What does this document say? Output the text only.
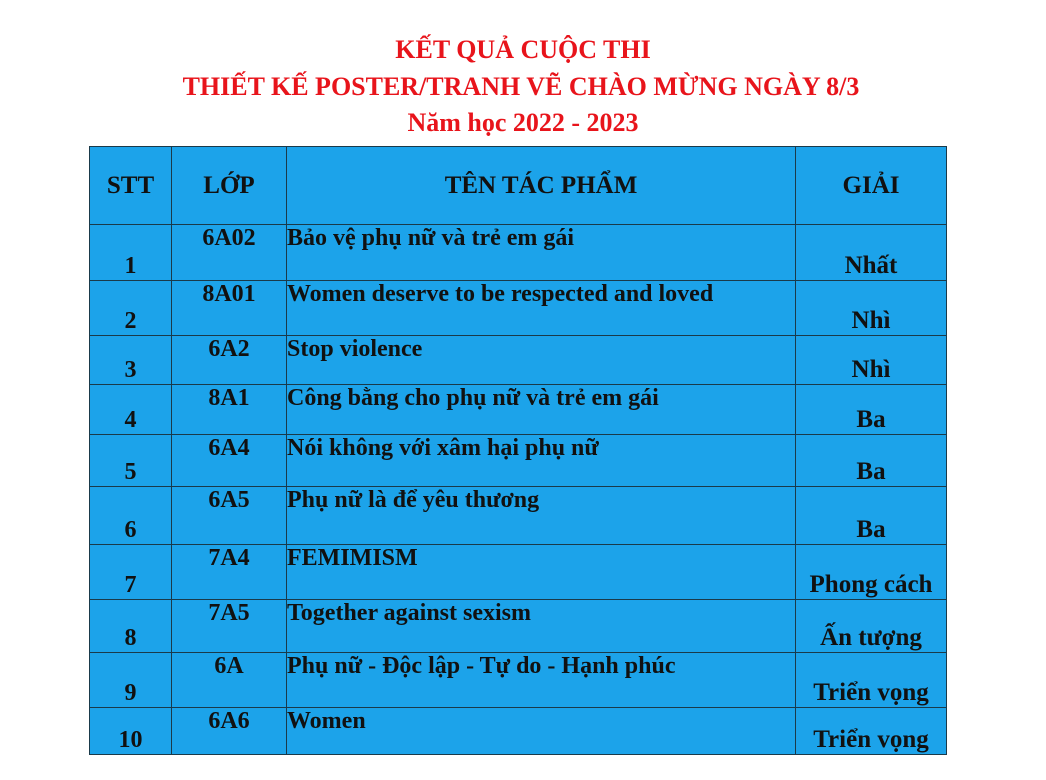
KẾT QUẢ CUỘC THI
THIẾT KẾ POSTER/TRANH VẼ CHÀO MỪNG NGÀY 8/3
Năm học 2022 - 2023
STT	LỚP	TÊN TÁC PHẨM	GIẢI
1	6A02	Bảo vệ phụ nữ và trẻ em gái	Nhất
2	8A01	Women deserve to be respected and loved	Nhì
3	6A2	Stop violence	Nhì
4	8A1	Công bằng cho phụ nữ và trẻ em gái	Ba
5	6A4	Nói không với xâm hại phụ nữ	Ba
6	6A5	Phụ nữ là để yêu thương	Ba
7	7A4	FEMIMISM	Phong cách
8	7A5	Together against sexism	Ấn tượng
9	6A	Phụ nữ - Độc lập - Tự do - Hạnh phúc	Triển vọng
10	6A6	Women	Triển vọng
